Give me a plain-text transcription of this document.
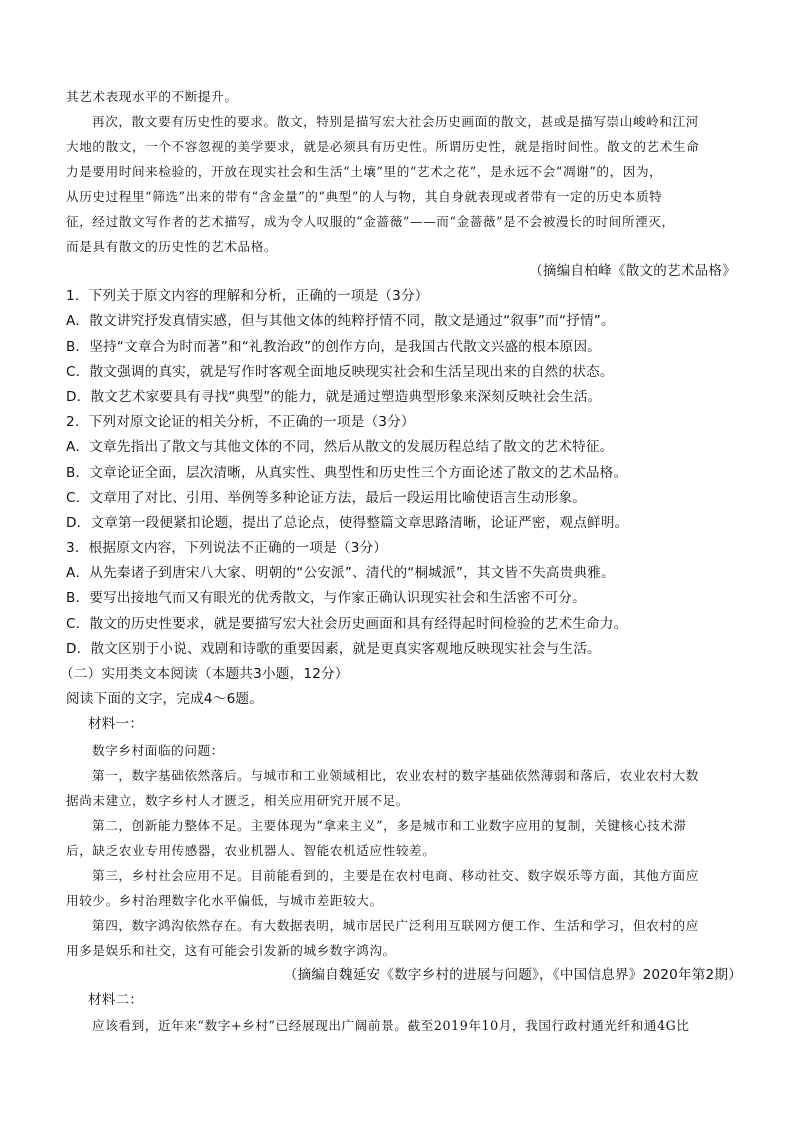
其艺术表现水平的不断提升。
再次，散文要有历史性的要求。散文，特别是描写宏大社会历史画面的散文，甚或是描写崇山峻岭和江河
大地的散文，一个不容忽视的美学要求，就是必须具有历史性。所谓历史性，就是指时间性。散文的艺术生命
力是要用时间来检验的，开放在现实社会和生活“土壤”里的“艺术之花”，是永远不会“凋谢”的，因为，
从历史过程里“筛选”出来的带有“含金量”的“典型”的人与物，其自身就表现或者带有一定的历史本质特
征，经过散文写作者的艺术描写，成为令人叹服的“金蔷薇”——而“金蔷薇”是不会被漫长的时间所湮灭，
而是具有散文的历史性的艺术品格。
（摘编自柏峰《散文的艺术品格》
1．下列关于原文内容的理解和分析，正确的一项是（3分）
A．散文讲究抒发真情实感，但与其他文体的纯粹抒情不同，散文是通过“叙事”而“抒情”。
B．坚持“文章合为时而著”和“礼教治政”的创作方向，是我国古代散文兴盛的根本原因。
C．散文强调的真实，就是写作时客观全面地反映现实社会和生活呈现出来的自然的状态。
D．散文艺术家要具有寻找“典型”的能力，就是通过塑造典型形象来深刻反映社会生活。
2．下列对原文论证的相关分析，不正确的一项是（3分）
A．文章先指出了散文与其他文体的不同，然后从散文的发展历程总结了散文的艺术特征。
B．文章论证全面，层次清晰，从真实性、典型性和历史性三个方面论述了散文的艺术品格。
C．文章用了对比、引用、举例等多种论证方法，最后一段运用比喻使语言生动形象。
D．文章第一段便紧扣论题，提出了总论点，使得整篇文章思路清晰，论证严密，观点鲜明。
3．根据原文内容，下列说法不正确的一项是（3分）
A．从先秦诸子到唐宋八大家、明朝的“公安派”、清代的“桐城派”，其文皆不失高贵典雅。
B．要写出接地气而又有眼光的优秀散文，与作家正确认识现实社会和生活密不可分。
C．散文的历史性要求，就是要描写宏大社会历史画面和具有经得起时间检验的艺术生命力。
D．散文区别于小说、戏剧和诗歌的重要因素，就是更真实客观地反映现实社会与生活。
（二）实用类文本阅读（本题共3小题，12分）
阅读下面的文字，完成4～6题。
材料一：
数字乡村面临的问题：
第一，数字基础依然落后。与城市和工业领域相比，农业农村的数字基础依然薄弱和落后，农业农村大数
据尚未建立，数字乡村人才匮乏，相关应用研究开展不足。
第二，创新能力整体不足。主要体现为“拿来主义”，多是城市和工业数字应用的复制，关键核心技术滞
后，缺乏农业专用传感器，农业机器人、智能农机适应性较差。
第三，乡村社会应用不足。目前能看到的，主要是在农村电商、移动社交、数字娱乐等方面，其他方面应
用较少。乡村治理数字化水平偏低，与城市差距较大。
第四，数字鸿沟依然存在。有大数据表明，城市居民广泛利用互联网方便工作、生活和学习，但农村的应
用多是娱乐和社交，这有可能会引发新的城乡数字鸿沟。
（摘编自魏延安《数字乡村的进展与问题》，《中国信息界》2020年第2期）
材料二：
应该看到，近年来“数字+乡村”已经展现出广阔前景。截至2019年10月，我国行政村通光纤和通4G比
